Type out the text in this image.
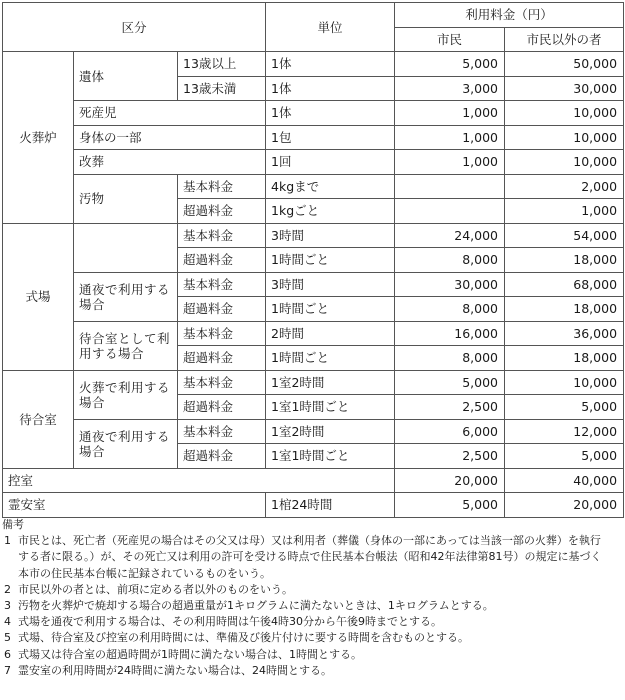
区分			単位	利用料金（円）	
				市民	市民以外の者
火葬炉	遺体	13歳以上	1体	5,000	50,000
		13歳未満	1体	3,000	30,000
	死産児		1体	1,000	10,000
	身体の一部		1包	1,000	10,000
	改葬		1回	1,000	10,000
	汚物	基本料金	4kgまで		2,000
		超過料金	1kgごと		1,000
式場		基本料金	3時間	24,000	54,000
		超過料金	1時間ごと	8,000	18,000
	通夜で利用する場合	基本料金	3時間	30,000	68,000
		超過料金	1時間ごと	8,000	18,000
	待合室として利用する場合	基本料金	2時間	16,000	36,000
		超過料金	1時間ごと	8,000	18,000
待合室	火葬で利用する場合	基本料金	1室2時間	5,000	10,000
		超過料金	1室1時間ごと	2,500	5,000
	通夜で利用する場合	基本料金	1室2時間	6,000	12,000
		超過料金	1室1時間ごと	2,500	5,000
控室				20,000	40,000
霊安室			1棺24時間	5,000	20,000

備考

1 市民とは、死亡者（死産児の場合はその父又は母）又は利用者（葬儀（身体の一部にあっては当該一部の火葬）を執行する者に限る。）が、その死亡又は利用の許可を受ける時点で住民基本台帳法（昭和42年法律第81号）の規定に基づく本市の住民基本台帳に記録されているものをいう。
2 市民以外の者とは、前項に定める者以外のものをいう。
3 汚物を火葬炉で焼却する場合の超過重量が1キログラムに満たないときは、1キログラムとする。
4 式場を通夜で利用する場合は、その利用時間は午後4時30分から午後9時までとする。
5 式場、待合室及び控室の利用時間には、準備及び後片付けに要する時間を含むものとする。
6 式場又は待合室の超過時間が1時間に満たない場合は、1時間とする。
7 霊安室の利用時間が24時間に満たない場合は、24時間とする。
